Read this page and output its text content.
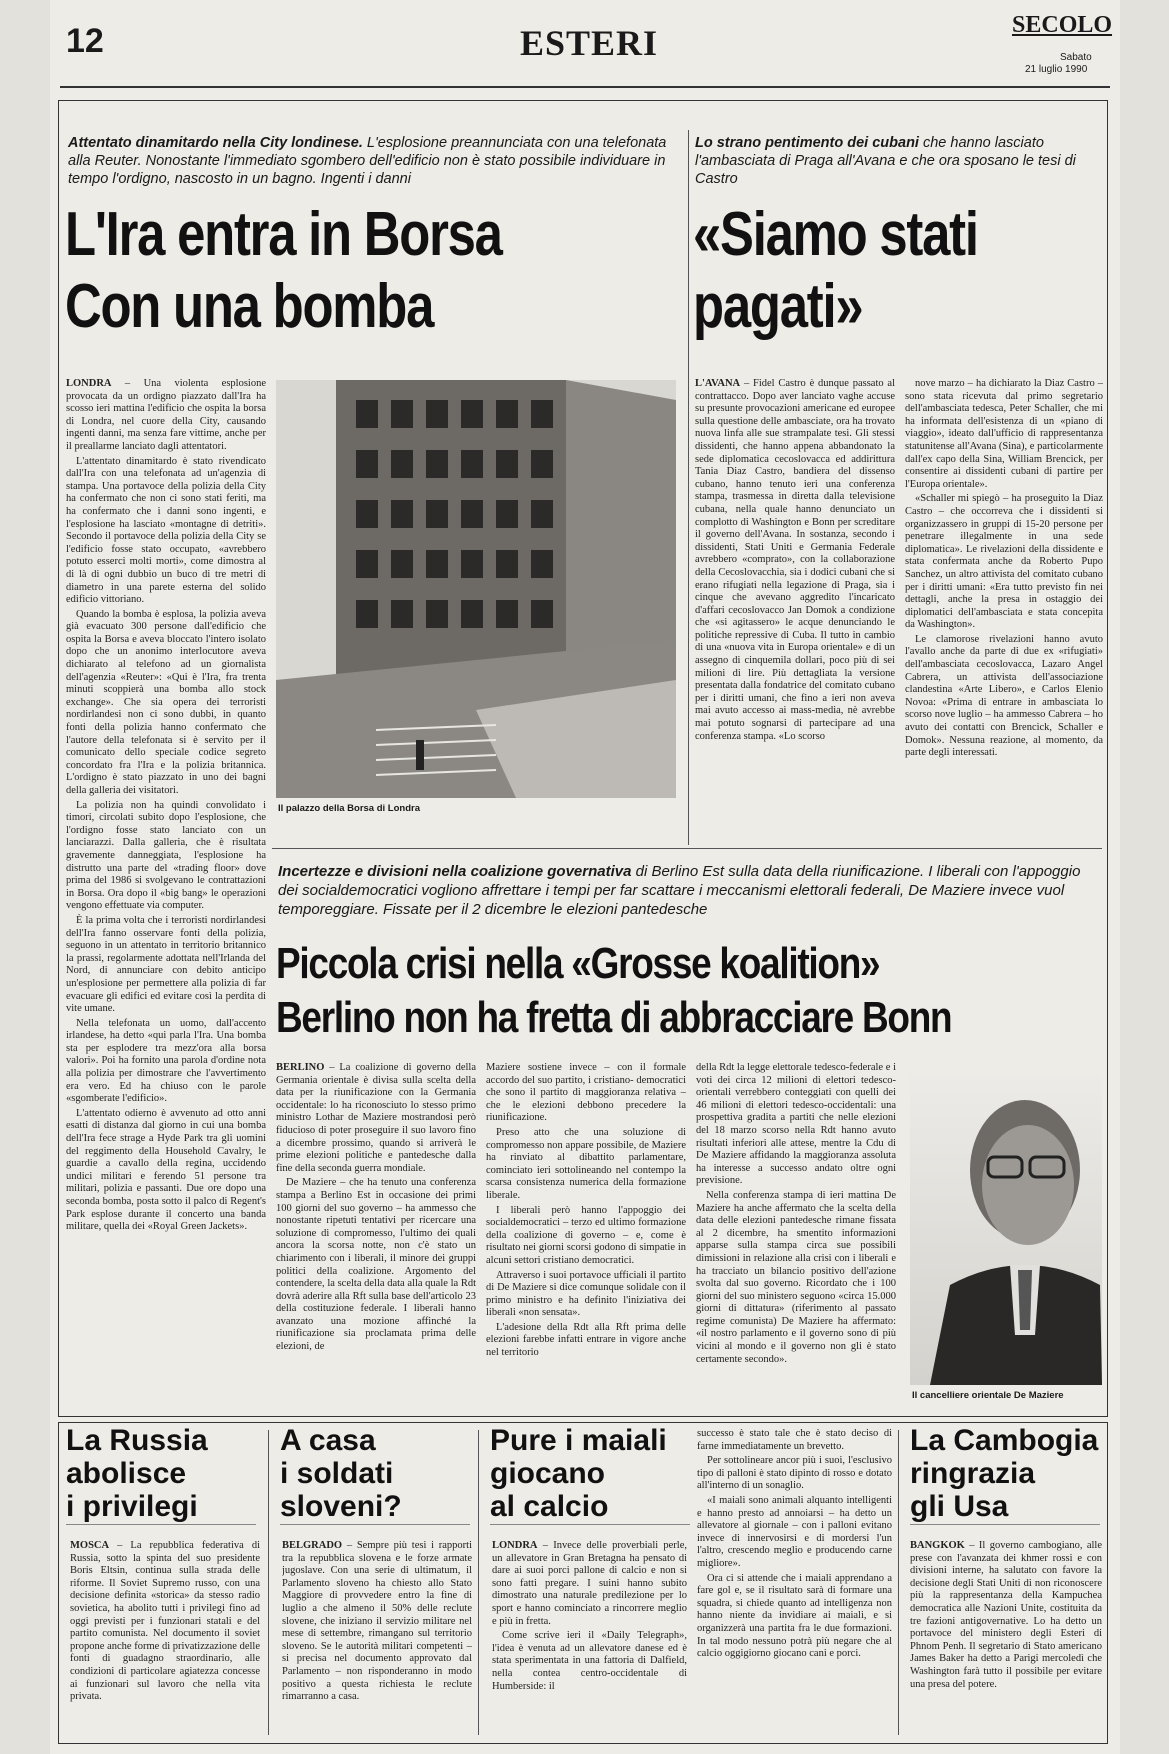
12	ESTERI	SECOLO
Sabato
21 luglio 1990
Attentato dinamitardo nella City londinese. L'esplosione preannunciata con una telefonata alla Reuter. Nonostante l'immediato sgombero dell'edificio non è stato possibile individuare in tempo l'ordigno, nascosto in un bagno. Ingenti i danni
L'Ira entra in Borsa
Con una bomba

LONDRA – Una violenta esplosione provocata da un ordigno piazzato dall'Ira ha scosso ieri mattina l'edificio che ospita la borsa di Londra, nel cuore della City, causando ingenti danni, ma senza fare vittime, anche per il preallarme lanciato dagli attentatori.

L'attentato dinamitardo è stato rivendicato dall'Ira con una telefonata ad un'agenzia di stampa. Una portavoce della polizia della City ha confermato che non ci sono stati feriti, ma ha confermato che i danni sono ingenti, e l'esplosione ha lasciato «montagne di detriti». Secondo il portavoce della polizia della City se l'edificio fosse stato occupato, «avrebbero potuto esserci molti morti», come dimostra al di là di ogni dubbio un buco di tre metri di diametro in una parete esterna del solido edificio vittoriano.

Quando la bomba è esplosa, la polizia aveva già evacuato 300 persone dall'edificio che ospita la Borsa e aveva bloccato l'intero isolato dopo che un anonimo interlocutore aveva dichiarato al telefono ad un giornalista dell'agenzia «Reuter»: «Qui è l'Ira, fra trenta minuti scoppierà una bomba allo stock exchange». Che sia opera dei terroristi nordirlandesi non ci sono dubbi, in quanto fonti della polizia hanno confermato che l'autore della telefonata si è servito per il comunicato dello speciale codice segreto concordato fra l'Ira e la polizia britannica. L'ordigno è stato piazzato in uno dei bagni della galleria dei visitatori.

La polizia non ha quindi convolidato i timori, circolati subito dopo l'esplosione, che l'ordigno fosse stato lanciato con un lanciarazzi. Dalla galleria, che è risultata gravemente danneggiata, l'esplosione ha distrutto una parte del «trading floor» dove prima del 1986 si svolgevano le contrattazioni in Borsa. Ora dopo il «big bang» le operazioni vengono effettuate via computer.

È la prima volta che i terroristi nordirlandesi dell'Ira fanno osservare fonti della polizia, seguono in un attentato in territorio britannico la prassi, regolarmente adottata nell'Irlanda del Nord, di annunciare con debito anticipo un'esplosione per permettere alla polizia di far evacuare gli edifici ed evitare così la perdita di vite umane.

Nella telefonata un uomo, dall'accento irlandese, ha detto «qui parla l'Ira. Una bomba sta per esplodere tra mezz'ora alla borsa valori». Poi ha fornito una parola d'ordine nota alla polizia per dimostrare che l'avvertimento era vero. Ed ha chiuso con le parole «sgomberate l'edificio».

L'attentato odierno è avvenuto ad otto anni esatti di distanza dal giorno in cui una bomba dell'Ira fece strage a Hyde Park tra gli uomini del reggimento della Household Cavalry, le guardie a cavallo della regina, uccidendo undici militari e ferendo 51 persone tra militari, polizia e passanti. Due ore dopo una seconda bomba, posta sotto il palco di Regent's Park esplose durante il concerto una banda militare, quella dei «Royal Green Jackets».

Il palazzo della Borsa di Londra
Lo strano pentimento dei cubani che hanno lasciato l'ambasciata di Praga all'Avana e che ora sposano le tesi di Castro
«Siamo stati
pagati»

L'AVANA – Fidel Castro è dunque passato al contrattacco. Dopo aver lanciato vaghe accuse su presunte provocazioni americane ed europee sulla questione delle ambasciate, ora ha trovato nuova linfa alle sue strampalate tesi. Gli stessi dissidenti, che hanno appena abbandonato la sede diplomatica cecoslovacca ed addirittura Tania Diaz Castro, bandiera del dissenso cubano, hanno tenuto ieri una conferenza stampa, trasmessa in diretta dalla televisione cubana, nella quale hanno denunciato un complotto di Washington e Bonn per screditare il governo dell'Avana. In sostanza, secondo i dissidenti, Stati Uniti e Germania Federale avrebbero «comprato», con la collaborazione della Cecoslovacchia, sia i dodici cubani che si erano rifugiati nella legazione di Praga, sia i cinque che avevano aggredito l'incaricato d'affari cecoslovacco Jan Domok a condizione che «si agitassero» le acque denunciando le politiche repressive di Cuba. Il tutto in cambio di una «nuova vita in Europa orientale» e di un assegno di cinquemila dollari, poco più di sei milioni di lire. Più dettagliata la versione presentata dalla fondatrice del comitato cubano per i diritti umani, che fino a ieri non aveva mai avuto accesso ai mass-media, nè avrebbe mai potuto sognarsi di partecipare ad una conferenza stampa. «Lo scorso

nove marzo – ha dichiarato la Diaz Castro – sono stata ricevuta dal primo segretario dell'ambasciata tedesca, Peter Schaller, che mi ha informata dell'esistenza di un «piano di viaggio», ideato dall'ufficio di rappresentanza statunitense all'Avana (Sina), e particolarmente dall'ex capo della Sina, William Brencick, per consentire ai dissidenti cubani di partire per l'Europa orientale».

«Schaller mi spiegò – ha proseguito la Diaz Castro – che occorreva che i dissidenti si organizzassero in gruppi di 15-20 persone per penetrare illegalmente in una sede diplomatica». Le rivelazioni della dissidente e stata confermata anche da Roberto Pupo Sanchez, un altro attivista del comitato cubano per i diritti umani: «Era tutto previsto fin nei dettagli, anche la presa in ostaggio dei diplomatici dell'ambasciata e stata concepita da Washington».

Le clamorose rivelazioni hanno avuto l'avallo anche da parte di due ex «rifugiati» dell'ambasciata cecoslovacca, Lazaro Angel Cabrera, un attivista dell'associazione clandestina «Arte Libero», e Carlos Elenio Novoa: «Prima di entrare in ambasciata lo scorso nove luglio – ha ammesso Cabrera – ho avuto dei contatti con Brencick, Schaller e Domok». Nessuna reazione, al momento, da parte degli interessati.

Incertezze e divisioni nella coalizione governativa di Berlino Est sulla data della riunificazione. I liberali con l'appoggio dei socialdemocratici vogliono affrettare i tempi per far scattare i meccanismi elettorali federali, De Maziere invece vuol temporeggiare. Fissate per il 2 dicembre le elezioni pantedesche
Piccola crisi nella «Grosse koalition»
Berlino non ha fretta di abbracciare Bonn

BERLINO – La coalizione di governo della Germania orientale è divisa sulla scelta della data per la riunificazione con la Germania occidentale: lo ha riconosciuto lo stesso primo ministro Lothar de Maziere mostrandosi però fiducioso di poter proseguire il suo lavoro fino a dicembre prossimo, quando si arriverà le prime elezioni politiche e pantedesche dalla fine della seconda guerra mondiale.

De Maziere – che ha tenuto una conferenza stampa a Berlino Est in occasione dei primi 100 giorni del suo governo – ha ammesso che nonostante ripetuti tentativi per ricercare una soluzione di compromesso, l'ultimo dei quali ancora la scorsa notte, non c'è stato un chiarimento con i liberali, il minore dei gruppi politici della coalizione. Argomento del contendere, la scelta della data alla quale la Rdt dovrà aderire alla Rft sulla base dell'articolo 23 della costituzione federale. I liberali hanno avanzato una mozione affinché la riunificazione sia proclamata prima delle elezioni, de

Maziere sostiene invece – con il formale accordo del suo partito, i cristiano- democratici che sono il partito di maggioranza relativa – che le elezioni debbono precedere la riunificazione.

Preso atto che una soluzione di compromesso non appare possibile, de Maziere ha rinviato al dibattito parlamentare, cominciato ieri sottolineando nel contempo la scarsa consistenza numerica della formazione liberale.

I liberali però hanno l'appoggio dei socialdemocratici – terzo ed ultimo formazione della coalizione di governo – e, come è risultato nei giorni scorsi godono di simpatie in alcuni settori cristiano democratici.

Attraverso i suoi portavoce ufficiali il partito di De Maziere si dice comunque solidale con il primo ministro e ha definito l'iniziativa dei liberali «non sensata».

L'adesione della Rdt alla Rft prima delle elezioni farebbe infatti entrare in vigore anche nel territorio

della Rdt la legge elettorale tedesco-federale e i voti dei circa 12 milioni di elettori tedesco-orientali verrebbero conteggiati con quelli dei 46 milioni di elettori tedesco-occidentali: una prospettiva gradita a partiti che nelle elezioni del 18 marzo scorso nella Rdt hanno avuto risultati inferiori alle attese, mentre la Cdu di De Maziere affidando la maggioranza assoluta ha interesse a successo andato oltre ogni previsione.

Nella conferenza stampa di ieri mattina De Maziere ha anche affermato che la scelta della data delle elezioni pantedesche rimane fissata al 2 dicembre, ha smentito informazioni apparse sulla stampa circa sue possibili dimissioni in relazione alla crisi con i liberali e ha tracciato un bilancio positivo dell'azione svolta dal suo governo. Ricordato che i 100 giorni del suo ministero seguono «circa 15.000 giorni di dittatura» (riferimento al passato regime comunista) De Maziere ha affermato: «il nostro parlamento e il governo sono di più vicini al mondo e il governo non gli è stato certamente secondo».

Il cancelliere orientale De Maziere
La Russia
abolisce
i privilegi

MOSCA – La repubblica federativa di Russia, sotto la spinta del suo presidente Boris Eltsin, continua sulla strada delle riforme. Il Soviet Supremo russo, con una decisione definita «storica» da stesso radio sovietica, ha abolito tutti i privilegi fino ad oggi previsti per i funzionari statali e del partito comunista. Nel documento il soviet propone anche forme di privatizzazione delle fonti di guadagno straordinario, alle condizioni di particolare agiatezza concesse ai funzionari sul lavoro che nella vita privata.

A casa
i soldati
sloveni?

BELGRADO – Sempre più tesi i rapporti tra la repubblica slovena e le forze armate jugoslave. Con una serie di ultimatum, il Parlamento sloveno ha chiesto allo Stato Maggiore di provvedere entro la fine di luglio a che almeno il 50% delle reclute slovene, che iniziano il servizio militare nel mese di settembre, rimangano sul territorio sloveno. Se le autorità militari competenti – si precisa nel documento approvato dal Parlamento – non risponderanno in modo positivo a questa richiesta le reclute rimarranno a casa.

Pure i maiali
giocano
al calcio

LONDRA – Invece delle proverbiali perle, un allevatore in Gran Bretagna ha pensato di dare ai suoi porci pallone di calcio e non si sono fatti pregare. I suini hanno subito dimostrato una naturale predilezione per lo sport e hanno cominciato a rincorrere meglio e più in fretta.

Come scrive ieri il «Daily Telegraph», l'idea è venuta ad un allevatore danese ed è stata sperimentata in una fattoria di Dalfield, nella contea centro-occidentale di Humberside: il

successo è stato tale che è stato deciso di farne immediatamente un brevetto.

Per sottolineare ancor più i suoi, l'esclusivo tipo di palloni è stato dipinto di rosso e dotato all'interno di un sonaglio.

«I maiali sono animali alquanto intelligenti e hanno presto ad annoiarsi – ha detto un allevatore al giornale – con i palloni evitano invece di innervosirsi e di mordersi l'un l'altro, crescendo meglio e producendo carne migliore».

Ora ci si attende che i maiali apprendano a fare gol e, se il risultato sarà di formare una squadra, si chiede quanto ad intelligenza non hanno niente da invidiare ai maiali, e si organizzerà una partita fra le due formazioni. In tal modo nessuno potrà più negare che al calcio oggigiorno giocano cani e porci.

La Cambogia
ringrazia
gli Usa

BANGKOK – Il governo cambogiano, alle prese con l'avanzata dei khmer rossi e con divisioni interne, ha salutato con favore la decisione degli Stati Uniti di non riconoscere più la rappresentanza della Kampuchea democratica alle Nazioni Unite, costituita da tre fazioni antigovernative. Lo ha detto un portavoce del ministero degli Esteri di Phnom Penh. Il segretario di Stato americano James Baker ha detto a Parigi mercoledì che Washington farà tutto il possibile per evitare una presa del potere.
